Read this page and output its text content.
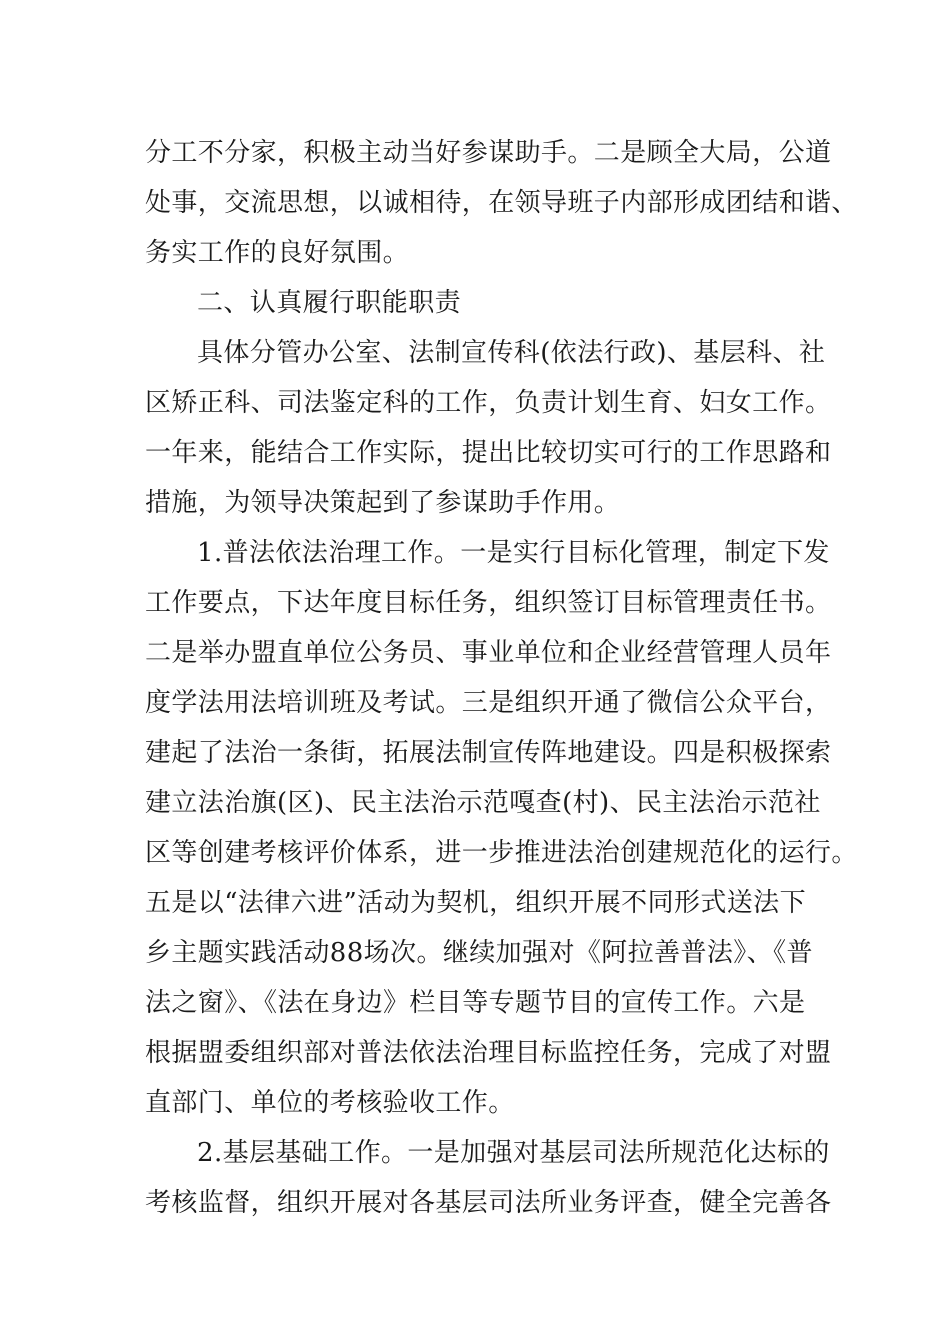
分工不分家，积极主动当好参谋助手。二是顾全大局，公道
处事，交流思想，以诚相待，在领导班子内部形成团结和谐、
务实工作的良好氛围。
二、认真履行职能职责
具体分管办公室、法制宣传科(依法行政)、基层科、社
区矫正科、司法鉴定科的工作，负责计划生育、妇女工作。
一年来，能结合工作实际，提出比较切实可行的工作思路和
措施，为领导决策起到了参谋助手作用。
1.普法依法治理工作。一是实行目标化管理，制定下发
工作要点，下达年度目标任务，组织签订目标管理责任书。
二是举办盟直单位公务员、事业单位和企业经营管理人员年
度学法用法培训班及考试。三是组织开通了微信公众平台，
建起了法治一条街，拓展法制宣传阵地建设。四是积极探索
建立法治旗(区)、民主法治示范嘎查(村)、民主法治示范社
区等创建考核评价体系，进一步推进法治创建规范化的运行。
五是以“法律六进”活动为契机，组织开展不同形式送法下
乡主题实践活动88场次。继续加强对《阿拉善普法》、《普
法之窗》、《法在身边》栏目等专题节目的宣传工作。六是
根据盟委组织部对普法依法治理目标监控任务，完成了对盟
直部门、单位的考核验收工作。
2.基层基础工作。一是加强对基层司法所规范化达标的
考核监督，组织开展对各基层司法所业务评查，健全完善各
